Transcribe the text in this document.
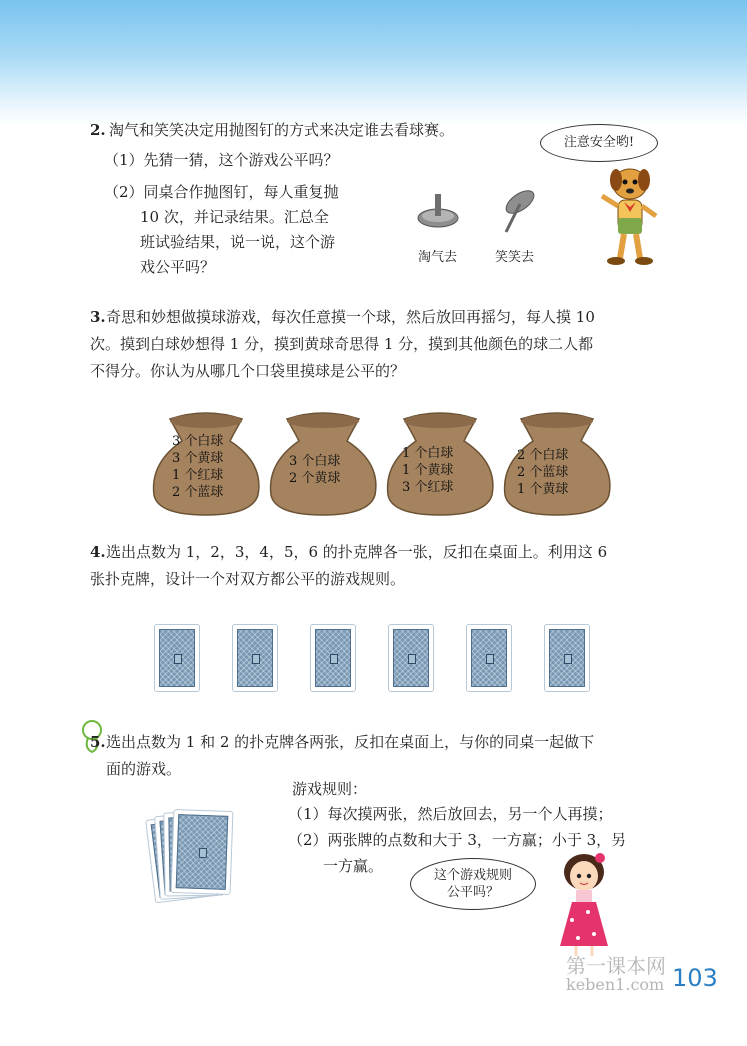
2. 淘气和笑笑决定用抛图钉的方式来决定谁去看球赛。
（1）先猜一猜，这个游戏公平吗？
（2）同桌合作抛图钉，每人重复抛
10 次，并记录结果。汇总全
班试验结果，说一说，这个游
戏公平吗？
淘气去	笑笑去
注意安全哟!
3. 奇思和妙想做摸球游戏，每次任意摸一个球，然后放回再摇匀，每人摸 10
次。摸到白球妙想得 1 分，摸到黄球奇思得 1 分，摸到其他颜色的球二人都
不得分。你认为从哪几个口袋里摸球是公平的？
3 个白球
3 个黄球
1 个红球
2 个蓝球
3 个白球
2 个黄球
1 个白球
1 个黄球
3 个红球
2 个白球
2 个蓝球
1 个黄球
4. 选出点数为 1，2，3，4，5，6 的扑克牌各一张，反扣在桌面上。利用这 6
张扑克牌，设计一个对双方都公平的游戏规则。
5. 选出点数为 1 和 2 的扑克牌各两张，反扣在桌面上，与你的同桌一起做下
面的游戏。
游戏规则：
（1）每次摸两张，然后放回去，另一个人再摸；
（2）两张牌的点数和大于 3，一方赢；小于 3，另
一方赢。
这个游戏规则
公平吗？
第一课本网
keben1.com 103
